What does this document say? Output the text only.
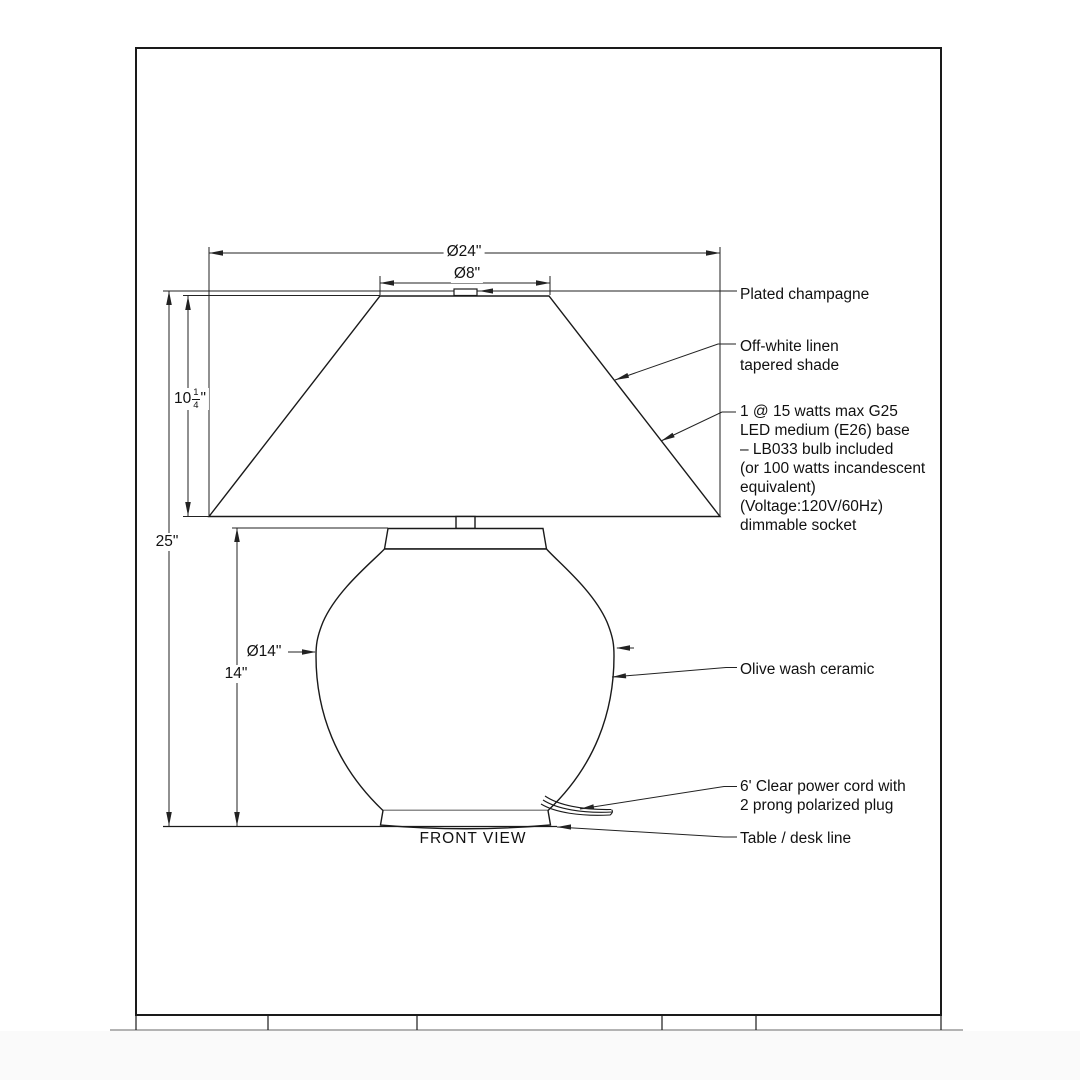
Ø24"
Ø8"
$10 \frac{1}{4}$ "
25"
14"
Ø14"
Plated champagne
Off-white linen
tapered shade
1 @ 15 watts max G25
LED medium (E26) base
– LB033 bulb included
(or 100 watts incandescent
equivalent)
(Voltage:120V/60Hz)
dimmable socket
Olive wash ceramic
6' Clear power cord with
2 prong polarized plug
Table / desk line
FRONT VIEW
